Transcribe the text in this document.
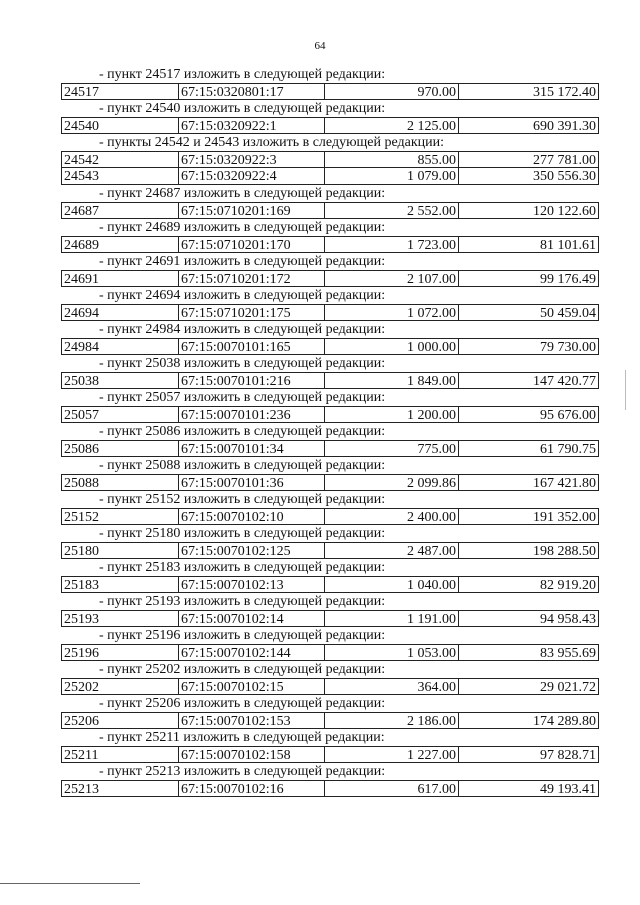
64
- пункт 24517 изложить в следующей редакции:
24517	67:15:0320801:17	970.00	315 172.40
- пункт 24540 изложить в следующей редакции:
24540	67:15:0320922:1	2 125.00	690 391.30
- пункты 24542 и 24543 изложить в следующей редакции:
24542	67:15:0320922:3	855.00	277 781.00
24543	67:15:0320922:4	1 079.00	350 556.30
- пункт 24687 изложить в следующей редакции:
24687	67:15:0710201:169	2 552.00	120 122.60
- пункт 24689 изложить в следующей редакции:
24689	67:15:0710201:170	1 723.00	81 101.61
- пункт 24691 изложить в следующей редакции:
24691	67:15:0710201:172	2 107.00	99 176.49
- пункт 24694 изложить в следующей редакции:
24694	67:15:0710201:175	1 072.00	50 459.04
- пункт 24984 изложить в следующей редакции:
24984	67:15:0070101:165	1 000.00	79 730.00
- пункт 25038 изложить в следующей редакции:
25038	67:15:0070101:216	1 849.00	147 420.77
- пункт 25057 изложить в следующей редакции:
25057	67:15:0070101:236	1 200.00	95 676.00
- пункт 25086 изложить в следующей редакции:
25086	67:15:0070101:34	775.00	61 790.75
- пункт 25088 изложить в следующей редакции:
25088	67:15:0070101:36	2 099.86	167 421.80
- пункт 25152 изложить в следующей редакции:
25152	67:15:0070102:10	2 400.00	191 352.00
- пункт 25180 изложить в следующей редакции:
25180	67:15:0070102:125	2 487.00	198 288.50
- пункт 25183 изложить в следующей редакции:
25183	67:15:0070102:13	1 040.00	82 919.20
- пункт 25193 изложить в следующей редакции:
25193	67:15:0070102:14	1 191.00	94 958.43
- пункт 25196 изложить в следующей редакции:
25196	67:15:0070102:144	1 053.00	83 955.69
- пункт 25202 изложить в следующей редакции:
25202	67:15:0070102:15	364.00	29 021.72
- пункт 25206 изложить в следующей редакции:
25206	67:15:0070102:153	2 186.00	174 289.80
- пункт 25211 изложить в следующей редакции:
25211	67:15:0070102:158	1 227.00	97 828.71
- пункт 25213 изложить в следующей редакции:
25213	67:15:0070102:16	617.00	49 193.41
